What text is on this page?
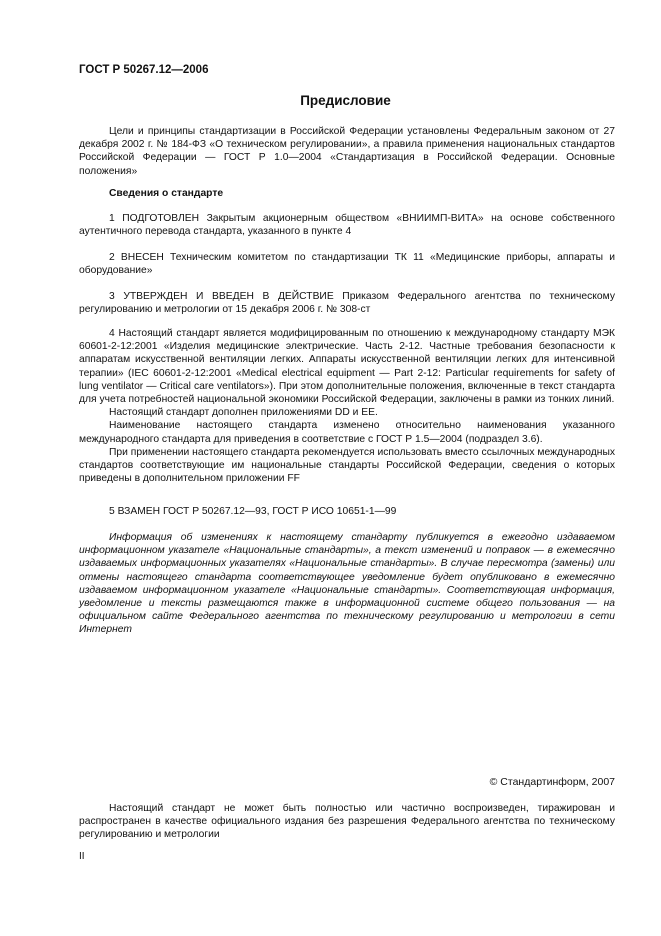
ГОСТ Р 50267.12—2006
Предисловие

Цели и принципы стандартизации в Российской Федерации установлены Федеральным законом от 27 декабря 2002 г. № 184-ФЗ «О техническом регулировании», а правила применения национальных стандартов Российской Федерации — ГОСТ Р 1.0—2004 «Стандартизация в Российской Федерации. Основные положения»

Сведения о стандарте

1 ПОДГОТОВЛЕН Закрытым акционерным обществом «ВНИИМП-ВИТА» на основе собственного аутентичного перевода стандарта, указанного в пункте 4

2 ВНЕСЕН Техническим комитетом по стандартизации ТК 11 «Медицинские приборы, аппараты и оборудование»

3 УТВЕРЖДЕН И ВВЕДЕН В ДЕЙСТВИЕ Приказом Федерального агентства по техническому регулированию и метрологии от 15 декабря 2006 г. № 308-ст

4 Настоящий стандарт является модифицированным по отношению к международному стандарту МЭК 60601-2-12:2001 «Изделия медицинские электрические. Часть 2-12. Частные требования безопасности к аппаратам искусственной вентиляции легких. Аппараты искусственной вентиляции легких для интенсивной терапии» (IEC 60601-2-12:2001 «Medical electrical equipment — Part 2-12: Particular requirements for safety of lung ventilator — Critical care ventilators»). При этом дополнительные положения, включенные в текст стандарта для учета потребностей национальной экономики Российской Федерации, заключены в рамки из тонких линий.

Настоящий стандарт дополнен приложениями DD и ЕЕ.

Наименование настоящего стандарта изменено относительно наименования указанного международного стандарта для приведения в соответствие с ГОСТ Р 1.5—2004 (подраздел 3.6).

При применении настоящего стандарта рекомендуется использовать вместо ссылочных международных стандартов соответствующие им национальные стандарты Российской Федерации, сведения о которых приведены в дополнительном приложении FF

5 ВЗАМЕН ГОСТ Р 50267.12—93, ГОСТ Р ИСО 10651-1—99

Информация об изменениях к настоящему стандарту публикуется в ежегодно издаваемом информационном указателе «Национальные стандарты», а текст изменений и поправок — в ежемесячно издаваемых информационных указателях «Национальные стандарты». В случае пересмотра (замены) или отмены настоящего стандарта соответствующее уведомление будет опубликовано в ежемесячно издаваемом информационном указателе «Национальные стандарты». Соответствующая информация, уведомление и тексты размещаются также в информационной системе общего пользования — на официальном сайте Федерального агентства по техническому регулированию и метрологии в сети Интернет

© Стандартинформ, 2007

Настоящий стандарт не может быть полностью или частично воспроизведен, тиражирован и распространен в качестве официального издания без разрешения Федерального агентства по техническому регулированию и метрологии

II
